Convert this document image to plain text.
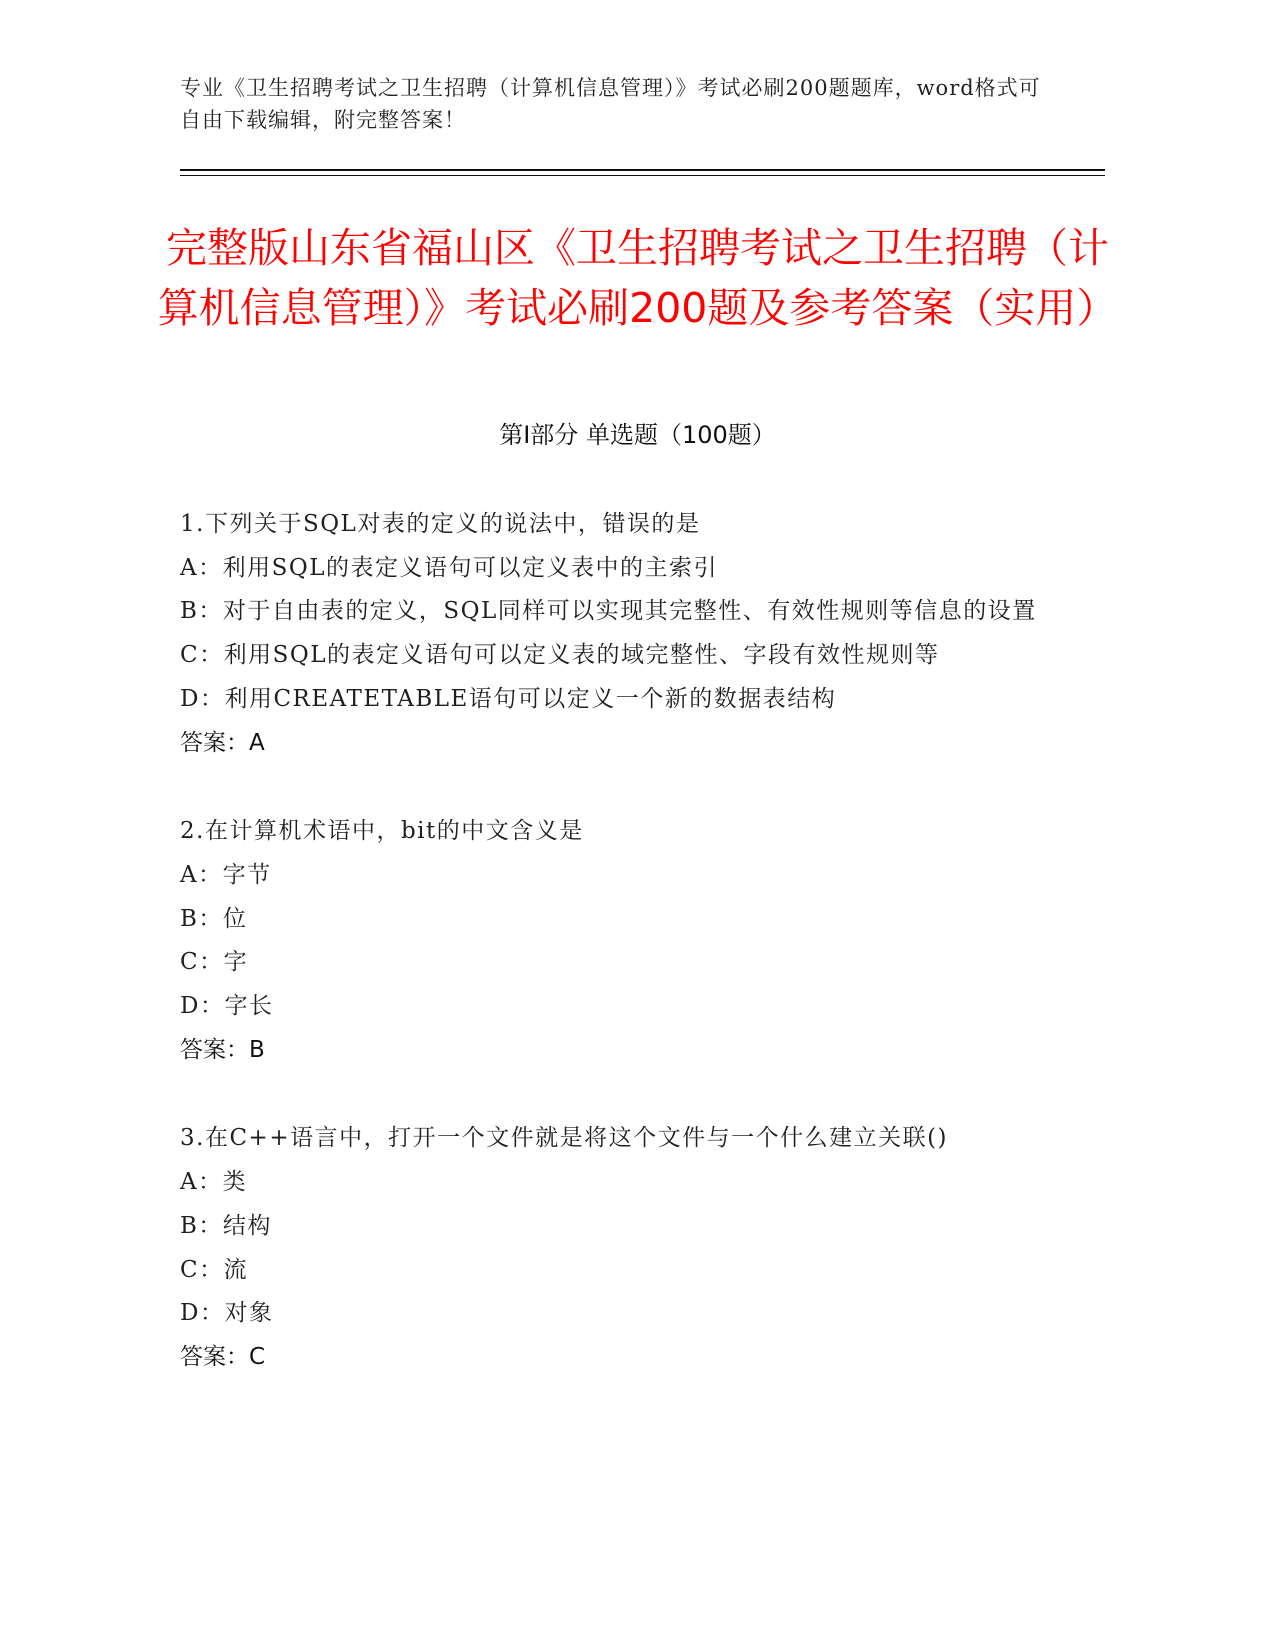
专业《卫生招聘考试之卫生招聘（计算机信息管理）》考试必刷200题题库，word格式可自由下载编辑，附完整答案！
完整版山东省福山区《卫生招聘考试之卫生招聘（计算机信息管理）》考试必刷200题及参考答案（实用）
第Ⅰ部分 单选题（100题）
1.下列关于SQL对表的定义的说法中，错误的是
A：利用SQL的表定义语句可以定义表中的主索引
B：对于自由表的定义，SQL同样可以实现其完整性、有效性规则等信息的设置
C：利用SQL的表定义语句可以定义表的域完整性、字段有效性规则等
D：利用CREATETABLE语句可以定义一个新的数据表结构
答案：A
2.在计算机术语中，bit的中文含义是
A：字节
B：位
C：字
D：字长
答案：B
3.在C++语言中，打开一个文件就是将这个文件与一个什么建立关联()
A：类
B：结构
C：流
D：对象
答案：C
